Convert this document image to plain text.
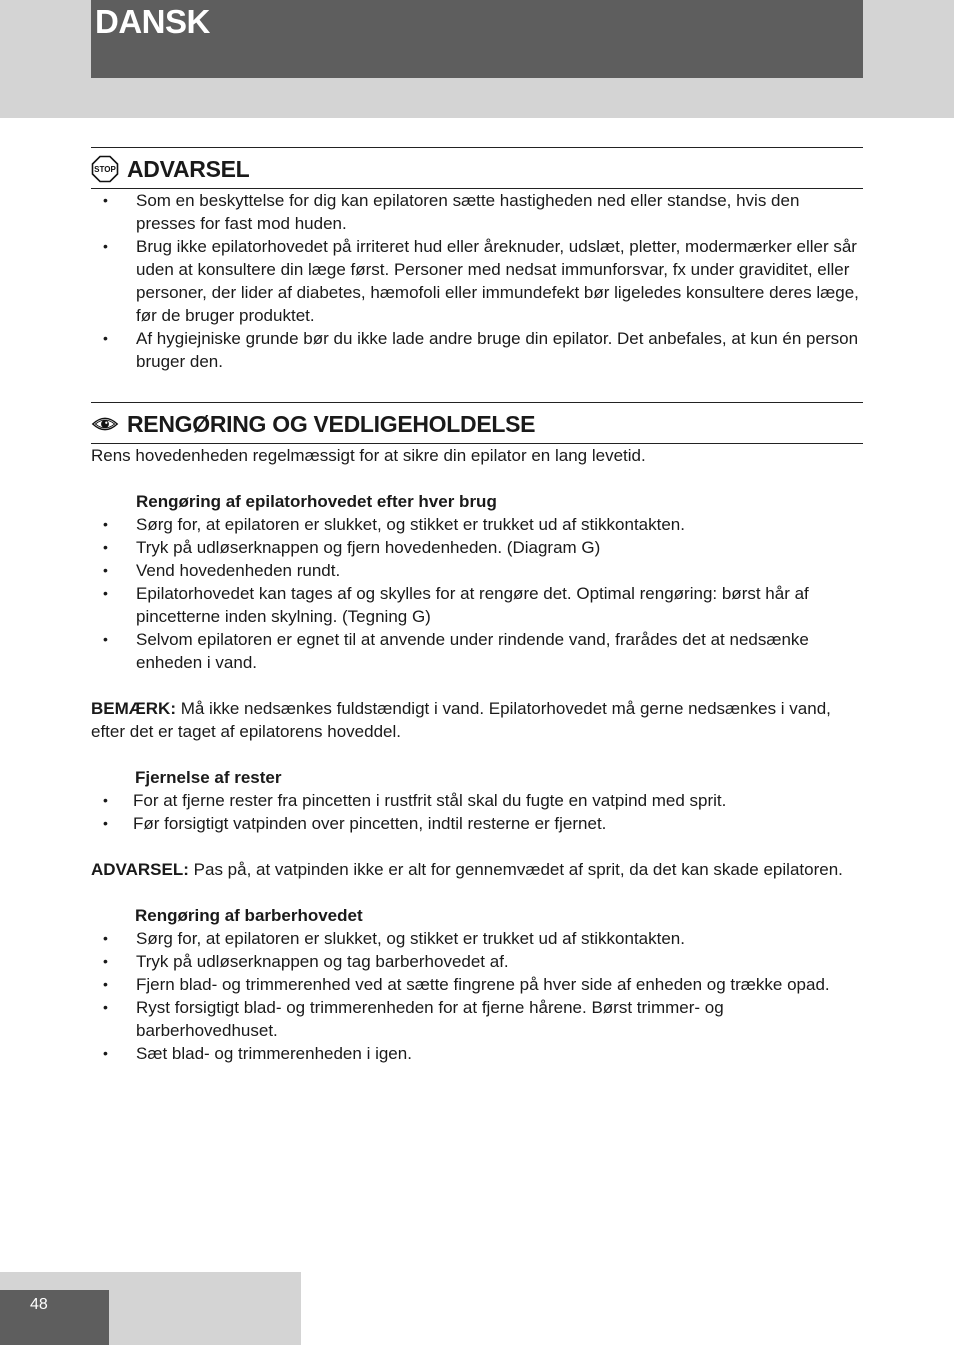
DANSK
STOP ADVARSEL
• Som en beskyttelse for dig kan epilatoren sætte hastigheden ned eller standse, hvis den presses for fast mod huden.
• Brug ikke epilatorhovedet på irriteret hud eller åreknuder, udslæt, pletter, modermærker eller sår uden at konsultere din læge først. Personer med nedsat immunforsvar, fx under graviditet, eller personer, der lider af diabetes, hæmofoli eller immundefekt bør ligeledes konsultere deres læge, før de bruger produktet.
• Af hygiejniske grunde bør du ikke lade andre bruge din epilator. Det anbefales, at kun én person bruger den.
RENGØRING OG VEDLIGEHOLDELSE

Rens hovedenheden regelmæssigt for at sikre din epilator en lang levetid.

Rengøring af epilatorhovedet efter hver brug

• Sørg for, at epilatoren er slukket, og stikket er trukket ud af stikkontakten.
• Tryk på udløserknappen og fjern hovedenheden. (Diagram G)
• Vend hovedenheden rundt.
• Epilatorhovedet kan tages af og skylles for at rengøre det. Optimal rengøring: børst hår af pincetterne inden skylning. (Tegning G)
• Selvom epilatoren er egnet til at anvende under rindende vand, frarådes det at nedsænke enheden i vand.

BEMÆRK: Må ikke nedsænkes fuldstændigt i vand. Epilatorhovedet må gerne nedsænkes i vand, efter det er taget af epilatorens hoveddel.

Fjernelse af rester

• For at fjerne rester fra pincetten i rustfrit stål skal du fugte en vatpind med sprit.
• Før forsigtigt vatpinden over pincetten, indtil resterne er fjernet.

ADVARSEL: Pas på, at vatpinden ikke er alt for gennemvædet af sprit, da det kan skade epilatoren.

Rengøring af barberhovedet

• Sørg for, at epilatoren er slukket, og stikket er trukket ud af stikkontakten.
• Tryk på udløserknappen og tag barberhovedet af.
• Fjern blad- og trimmerenhed ved at sætte fingrene på hver side af enheden og trække opad.
• Ryst forsigtigt blad- og trimmerenheden for at fjerne hårene. Børst trimmer- og barberhovedhuset.
• Sæt blad- og trimmerenheden i igen.
48
